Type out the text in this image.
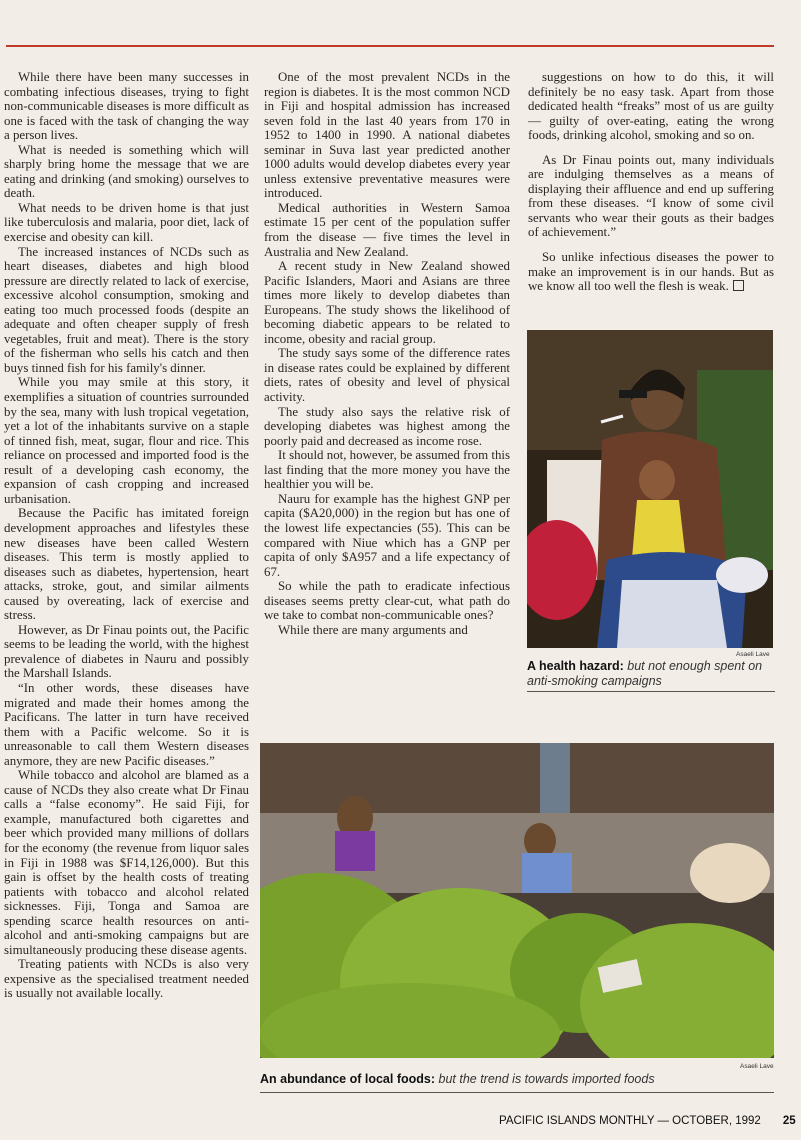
While there have been many successes in combating infectious diseases, trying to fight non-communicable diseases is more difficult as one is faced with the task of changing the way a person lives.

What is needed is something which will sharply bring home the message that we are eating and drinking (and smoking) ourselves to death.

What needs to be driven home is that just like tuberculosis and malaria, poor diet, lack of exercise and obesity can kill.

The increased instances of NCDs such as heart diseases, diabetes and high blood pressure are directly related to lack of exercise, excessive alcohol consumption, smoking and eating too much processed foods (despite an adequate and often cheaper supply of fresh vegetables, fruit and meat). There is the story of the fisherman who sells his catch and then buys tinned fish for his family's dinner.

While you may smile at this story, it exemplifies a situation of countries surrounded by the sea, many with lush tropical vegetation, yet a lot of the inhabitants survive on a staple of tinned fish, meat, sugar, flour and rice. This reliance on processed and imported food is the result of a developing cash economy, the expansion of cash cropping and increased urbanisation.

Because the Pacific has imitated foreign development approaches and lifestyles these new diseases have been called Western diseases. This term is mostly applied to diseases such as diabetes, hypertension, heart attacks, stroke, gout, and similar ailments caused by overeating, lack of exercise and stress.

However, as Dr Finau points out, the Pacific seems to be leading the world, with the highest prevalence of diabetes in Nauru and possibly the Marshall Islands.

“In other words, these diseases have migrated and made their homes among the Pacificans. The latter in turn have received them with a Pacific welcome. So it is unreasonable to call them Western diseases anymore, they are new Pacific diseases.”

While tobacco and alcohol are blamed as a cause of NCDs they also create what Dr Finau calls a “false economy”. He said Fiji, for example, manufactured both cigarettes and beer which provided many millions of dollars for the economy (the revenue from liquor sales in Fiji in 1988 was $F14,126,000). But this gain is offset by the health costs of treating patients with tobacco and alcohol related sicknesses. Fiji, Tonga and Samoa are spending scarce health resources on anti-alcohol and anti-smoking campaigns but are simultaneously producing these disease agents.

Treating patients with NCDs is also very expensive as the specialised treatment needed is usually not available locally.

One of the most prevalent NCDs in the region is diabetes. It is the most common NCD in Fiji and hospital admission has increased seven fold in the last 40 years from 170 in 1952 to 1400 in 1990. A national diabetes seminar in Suva last year predicted another 1000 adults would develop diabetes every year unless extensive preventative measures were introduced.

Medical authorities in Western Samoa estimate 15 per cent of the population suffer from the disease — five times the level in Australia and New Zealand.

A recent study in New Zealand showed Pacific Islanders, Maori and Asians are three times more likely to develop diabetes than Europeans. The study shows the likelihood of becoming diabetic appears to be related to income, obesity and racial group.

The study says some of the difference rates in disease rates could be explained by different diets, rates of obesity and level of physical activity.

The study also says the relative risk of developing diabetes was highest among the poorly paid and decreased as income rose.

It should not, however, be assumed from this last finding that the more money you have the healthier you will be.

Nauru for example has the highest GNP per capita ($A20,000) in the region but has one of the lowest life expectancies (55). This can be compared with Niue which has a GNP per capita of only $A957 and a life expectancy of 67.

So while the path to eradicate infectious diseases seems pretty clear-cut, what path do we take to combat non-communicable ones?

While there are many arguments and

suggestions on how to do this, it will definitely be no easy task. Apart from those dedicated health “freaks” most of us are guilty — guilty of over-eating, eating the wrong foods, drinking alcohol, smoking and so on.

As Dr Finau points out, many individuals are indulging themselves as a means of displaying their affluence and end up suffering from these diseases. “I know of some civil servants who wear their gouts as their badges of achievement.”

So unlike infectious diseases the power to make an improvement is in our hands. But as we know all too well the flesh is weak.

Asaeli Lave
A health hazard: but not enough spent on anti-smoking campaigns
Asaeli Lave
An abundance of local foods: but the trend is towards imported foods
PACIFIC ISLANDS MONTHLY — OCTOBER, 1992 25
